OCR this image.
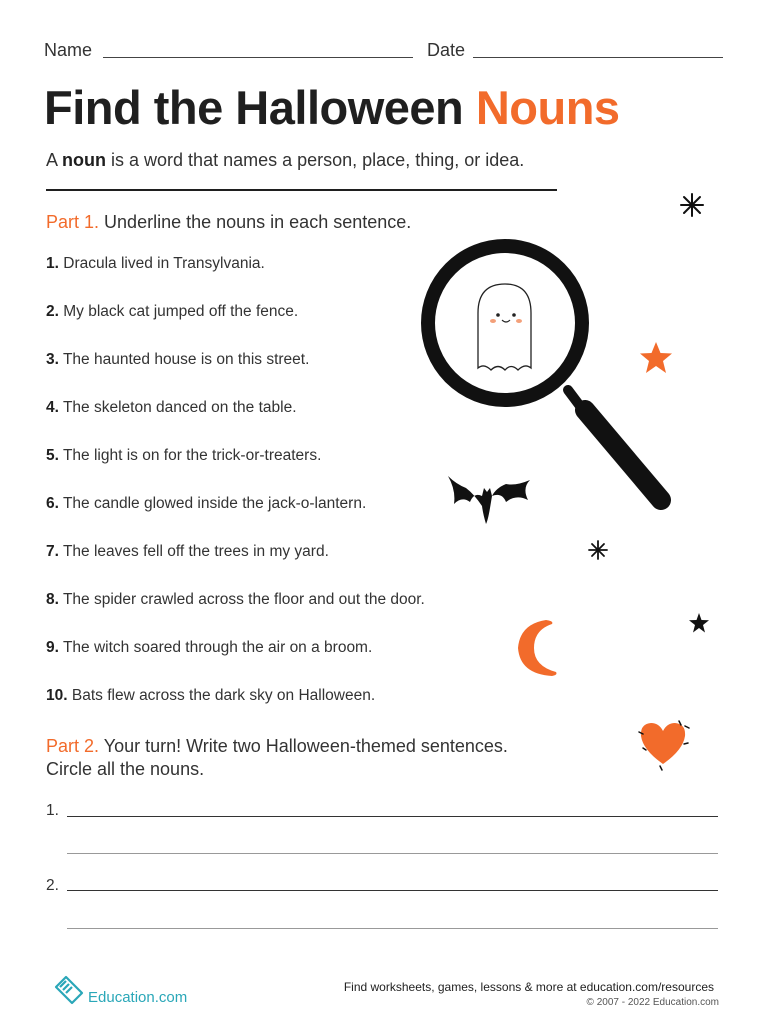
Name	Date
Find the Halloween Nouns
A noun is a word that names a person, place, thing, or idea.
Part 1. Underline the nouns in each sentence.
1. Dracula lived in Transylvania.
2. My black cat jumped off the fence.
3. The haunted house is on this street.
4. The skeleton danced on the table.
5. The light is on for the trick-or-treaters.
6. The candle glowed inside the jack-o-lantern.
7. The leaves fell off the trees in my yard.
8. The spider crawled across the floor and out the door.
9. The witch soared through the air on a broom.
10. Bats flew across the dark sky on Halloween.
Part 2. Your turn! Write two Halloween-themed sentences.
Circle all the nouns.
1.
2.
Education.com
Find worksheets, games, lessons & more at education.com/resources
© 2007 - 2022 Education.com
